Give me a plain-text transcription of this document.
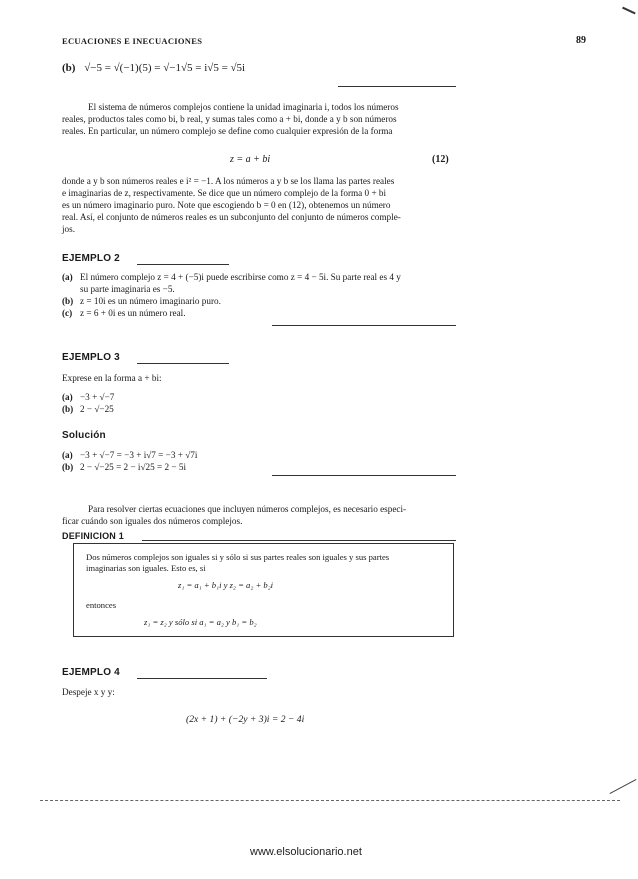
ECUACIONES E INECUACIONES	89
(b) √−5 = √(−1)(5) = √−1√5 = i√5 = √5i
El sistema de números complejos contiene la unidad imaginaria i, todos los números
reales, productos tales como bi, b real, y sumas tales como a + bi, donde a y b son números
reales. En particular, un número complejo se define como cualquier expresión de la forma
z = a + bi	(12)
donde a y b son números reales e i² = −1. A los números a y b se los llama las partes reales
e imaginarias de z, respectivamente. Se dice que un número complejo de la forma 0 + bi
es un número imaginario puro. Note que escogiendo b = 0 en (12), obtenemos un número
real. Así, el conjunto de números reales es un subconjunto del conjunto de números comple-
jos.
EJEMPLO 2
(a) El número complejo z = 4 + (−5)i puede escribirse como z = 4 − 5i. Su parte real es 4 y
su parte imaginaria es −5.
(b) z = 10i es un número imaginario puro.
(c) z = 6 + 0i es un número real.
EJEMPLO 3
Exprese en la forma a + bi:
(a) −3 + √−7
(b) 2 − √−25
Solución
(a) −3 + √−7 = −3 + i√7 = −3 + √7i
(b) 2 − √−25 = 2 − i√25 = 2 − 5i
Para resolver ciertas ecuaciones que incluyen números complejos, es necesario especi-
ficar cuándo son iguales dos números complejos.
DEFINICION 1
Dos números complejos son iguales si y sólo si sus partes reales son iguales y sus partes
imaginarias son iguales. Esto es, si
z₁ = a₁ + b₁i y z₂ = a₂ + b₂i
entonces
z₁ = z₂ y sólo si a₁ = a₂ y b₁ = b₂
EJEMPLO 4
Despeje x y y:
(2x + 1) + (−2y + 3)i = 2 − 4i
www.elsolucionario.net
